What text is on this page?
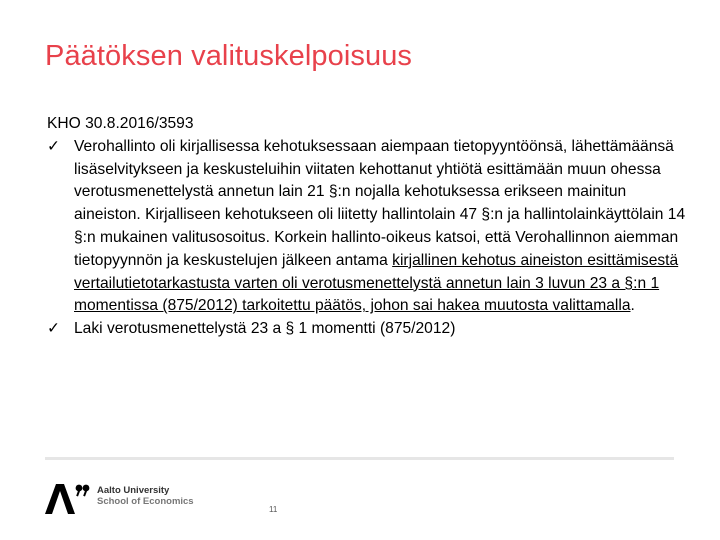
Päätöksen valituskelpoisuus
KHO 30.8.2016/3593
✓ Verohallinto oli kirjallisessa kehotuksessaan aiempaan tietopyyntöönsä, lähettämäänsä lisäselvitykseen ja keskusteluihin viitaten kehottanut yhtiötä esittämään muun ohessa verotusmenettelystä annetun lain 21 §:n nojalla kehotuksessa erikseen mainitun aineiston. Kirjalliseen kehotukseen oli liitetty hallintolain 47 §:n ja hallintolainkäyttölain 14 §:n mukainen valitusosoitus. Korkein hallinto-oikeus katsoi, että Verohallinnon aiemman tietopyynnön ja keskustelujen jälkeen antama kirjallinen kehotus aineiston esittämisestä vertailutietotarkastusta varten oli verotusmenettelystä annetun lain 3 luvun 23 a §:n 1 momentissa (875/2012) tarkoitettu päätös, johon sai hakea muutosta valittamalla.
✓ Laki verotusmenettelystä 23 a § 1 momentti (875/2012)
Aalto University
School of Economics
11
